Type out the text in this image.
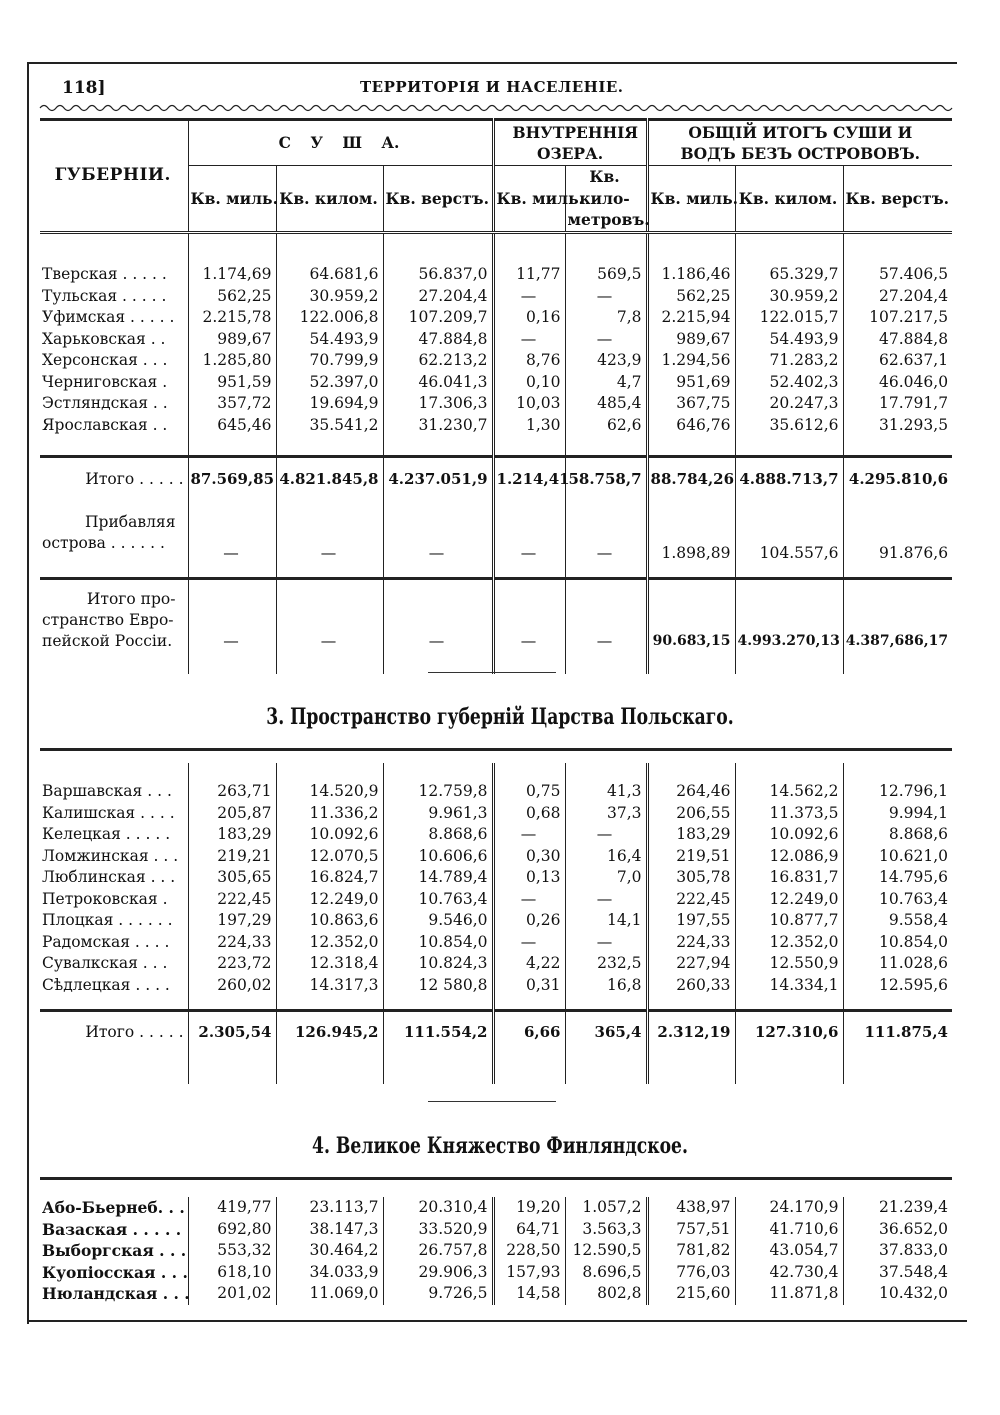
118]	ТЕРРИТОРІЯ И НАСЕЛЕНІЕ.
ГУБЕРНІИ.	С У Ш А.			ВНУТРЕННІЯ ОЗЕРА.		ОБЩІЙ ИТОГЪ СУШИ И ВОДЪ БЕЗЪ ОСТРОВОВЪ.		
	Кв. миль.	Кв. килом.	Кв. верстъ.	Кв. миль.	Кв. кило-метровъ.	Кв. миль.	Кв. килом.	Кв. верстъ.

Тверская . . . . .	1.174,69	64.681,6	56.837,0	11,77	569,5	1.186,46	65.329,7	57.406,5
Тульская . . . . .	562,25	30.959,2	27.204,4	—	—	562,25	30.959,2	27.204,4
Уфимская . . . . .	2.215,78	122.006,8	107.209,7	0,16	7,8	2.215,94	122.015,7	107.217,5
Харьковская . .	989,67	54.493,9	47.884,8	—	—	989,67	54.493,9	47.884,8
Херсонская . . .	1.285,80	70.799,9	62.213,2	8,76	423,9	1.294,56	71.283,2	62.637,1
Черниговская .	951,59	52.397,0	46.041,3	0,10	4,7	951,69	52.402,3	46.046,0
Эстляндская . .	357,72	19.694,9	17.306,3	10,03	485,4	367,75	20.247,3	17.791,7
Ярославская . .	645,46	35.541,2	31.230,7	1,30	62,6	646,76	35.612,6	31.293,5

Итого . . . . .	87.569,85	4.821.845,8	4.237.051,9	1.214,41	58.758,7	88.784,26	4.888.713,7	4.295.810,6

Прибавляя
острова . . . . . .	—	—	—	—	—	1.898,89	104.557,6	91.876,6

Итого про-
странство Евро-
пейской Россіи.	—	—	—	—	—	90.683,15	4.993.270,13	4.387,686,17
3. Пространство губерній Царства Польскаго.

Варшавская . . .	263,71	14.520,9	12.759,8	0,75	41,3	264,46	14.562,2	12.796,1
Калишская . . . .	205,87	11.336,2	9.961,3	0,68	37,3	206,55	11.373,5	9.994,1
Келецкая . . . . .	183,29	10.092,6	8.868,6	—	—	183,29	10.092,6	8.868,6
Ломжинская . . .	219,21	12.070,5	10.606,6	0,30	16,4	219,51	12.086,9	10.621,0
Люблинская . . .	305,65	16.824,7	14.789,4	0,13	7,0	305,78	16.831,7	14.795,6
Петроковская .	222,45	12.249,0	10.763,4	—	—	222,45	12.249,0	10.763,4
Плоцкая . . . . . .	197,29	10.863,6	9.546,0	0,26	14,1	197,55	10.877,7	9.558,4
Радомская . . . .	224,33	12.352,0	10.854,0	—	—	224,33	12.352,0	10.854,0
Сувалкская . . .	223,72	12.318,4	10.824,3	4,22	232,5	227,94	12.550,9	11.028,6
Сѣдлецкая . . . .	260,02	14.317,3	12 580,8	0,31	16,8	260,33	14.334,1	12.595,6

Итого . . . . .	2.305,54	126.945,2	111.554,2	6,66	365,4	2.312,19	127.310,6	111.875,4

4. Великое Княжество Финляндское.
Або-Бьернеб. . .	419,77	23.113,7	20.310,4	19,20	1.057,2	438,97	24.170,9	21.239,4
Вазаская . . . . .	692,80	38.147,3	33.520,9	64,71	3.563,3	757,51	41.710,6	36.652,0
Выборгская . . .	553,32	30.464,2	26.757,8	228,50	12.590,5	781,82	43.054,7	37.833,0
Куопіосская . . .	618,10	34.033,9	29.906,3	157,93	8.696,5	776,03	42.730,4	37.548,4
Нюландская . . .	201,02	11.069,0	9.726,5	14,58	802,8	215,60	11.871,8	10.432,0
